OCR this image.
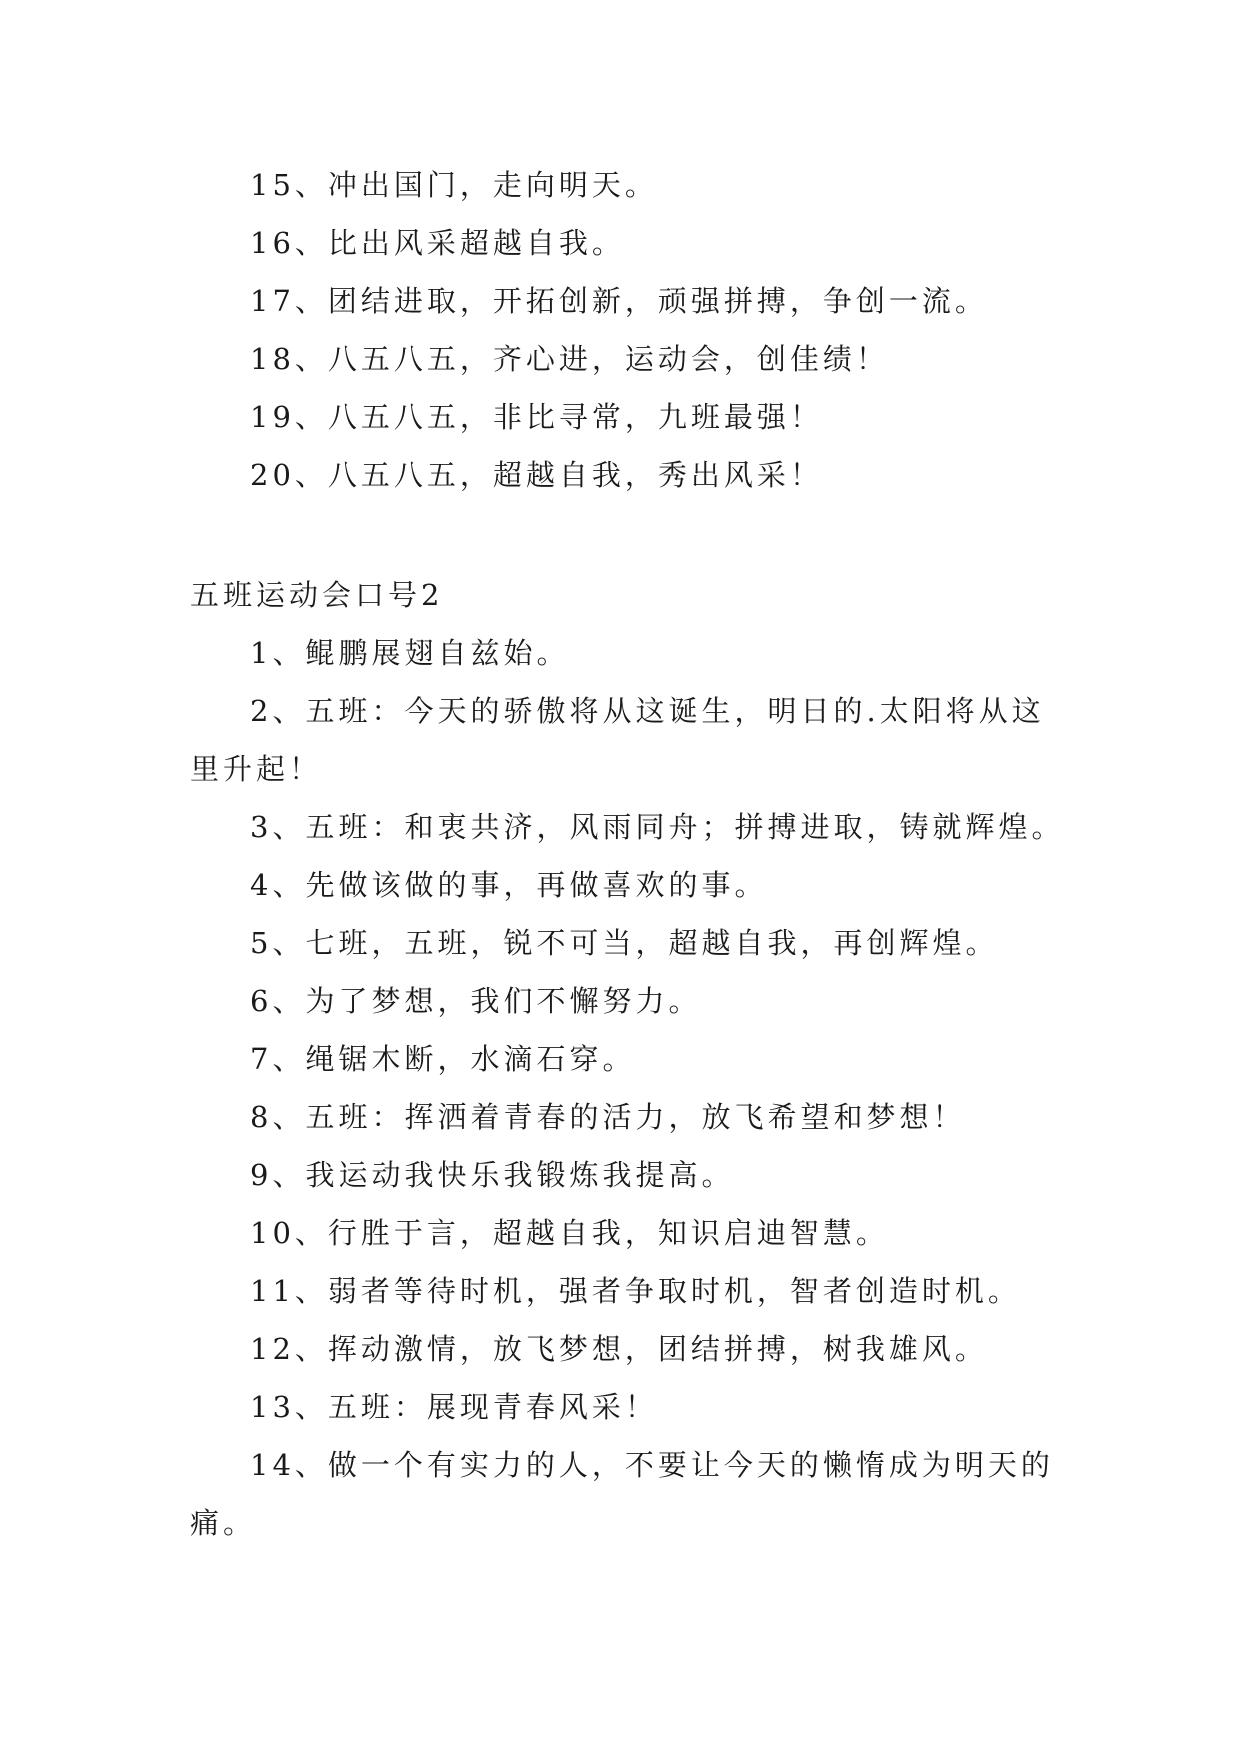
15、冲出国门，走向明天。

16、比出风采超越自我。

17、团结进取，开拓创新，顽强拼搏，争创一流。

18、八五八五，齐心进，运动会，创佳绩！

19、八五八五，非比寻常，九班最强！

20、八五八五，超越自我，秀出风采！

五班运动会口号2

1、鲲鹏展翅自兹始。

2、五班：今天的骄傲将从这诞生，明日的.太阳将从这里升起！

3、五班：和衷共济，风雨同舟；拼搏进取，铸就辉煌。

4、先做该做的事，再做喜欢的事。

5、七班，五班，锐不可当，超越自我，再创辉煌。

6、为了梦想，我们不懈努力。

7、绳锯木断，水滴石穿。

8、五班：挥洒着青春的活力，放飞希望和梦想！

9、我运动我快乐我锻炼我提高。

10、行胜于言，超越自我，知识启迪智慧。

11、弱者等待时机，强者争取时机，智者创造时机。

12、挥动激情，放飞梦想，团结拼搏，树我雄风。

13、五班：展现青春风采！

14、做一个有实力的人，不要让今天的懒惰成为明天的痛。
